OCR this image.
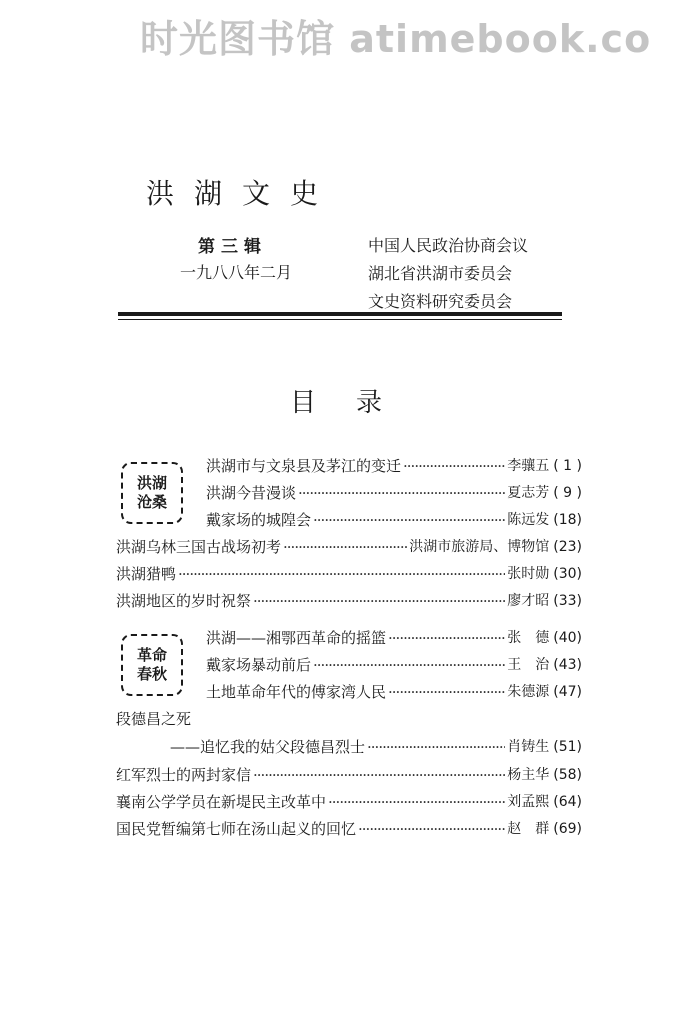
时光图书馆 atimebook.co
洪湖文史
第三辑
一九八八年二月
中国人民政治协商会议
湖北省洪湖市委员会
文史资料研究委员会
目录
洪湖
沧桑
洪湖市与文泉县及茅江的变迁 ·····	李骧五 ( 1 )
洪湖今昔漫谈 ·····	夏志芳 ( 9 )
戴家场的城隍会 ·····	陈远发 (18)
洪湖乌林三国古战场初考 ·····	洪湖市旅游局、博物馆 (23)
洪湖猎鸭 ·····	张时勋 (30)
洪湖地区的岁时祝祭 ·····	廖才昭 (33)
革命
春秋
洪湖——湘鄂西革命的摇篮 ·····	张　德 (40)
戴家场暴动前后 ·····	王　治 (43)
土地革命年代的傅家湾人民 ·····	朱德源 (47)
段德昌之死
——追忆我的姑父段德昌烈士 ·····	肖铸生 (51)
红军烈士的两封家信 ·····	杨主华 (58)
襄南公学学员在新堤民主改革中 ·····	刘孟熙 (64)
国民党暂编第七师在汤山起义的回忆 ·····	赵　群 (69)
